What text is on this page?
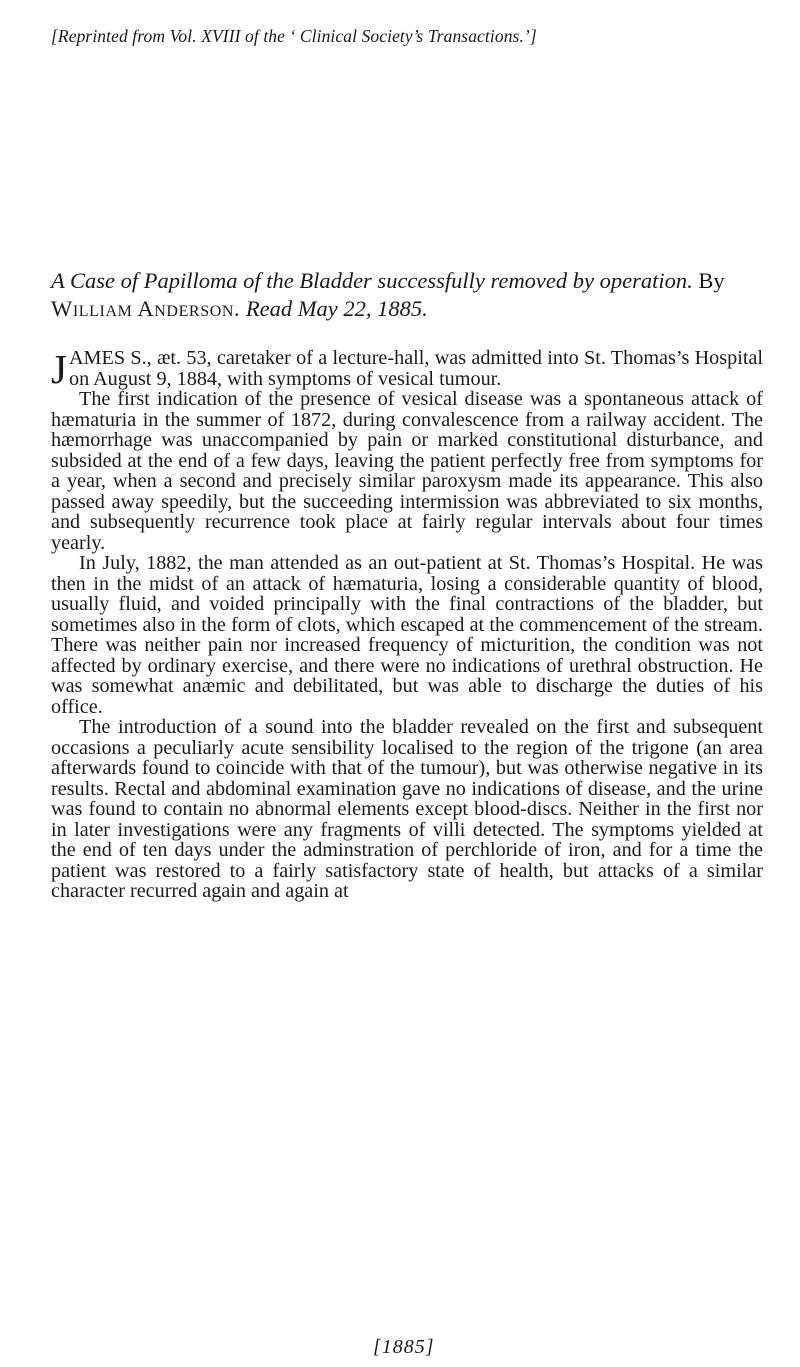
[Reprinted from Vol. XVIII of the ‘ Clinical Society’s Transactions.’]
A Case of Papilloma of the Bladder successfully removed by operation. By William Anderson. Read May 22, 1885.

JAMES S., æt. 53, caretaker of a lecture-hall, was admitted into St. Thomas’s Hospital on August 9, 1884, with symptoms of vesical tumour.

The first indication of the presence of vesical disease was a spontaneous attack of hæmaturia in the summer of 1872, during convalescence from a railway accident. The hæmorrhage was unaccompanied by pain or marked constitutional disturbance, and subsided at the end of a few days, leaving the patient perfectly free from symptoms for a year, when a second and precisely similar paroxysm made its appearance. This also passed away speedily, but the succeeding intermission was abbreviated to six months, and subsequently recurrence took place at fairly regular intervals about four times yearly.

In July, 1882, the man attended as an out-patient at St. Thomas’s Hospital. He was then in the midst of an attack of hæmaturia, losing a considerable quantity of blood, usually fluid, and voided principally with the final contractions of the bladder, but sometimes also in the form of clots, which escaped at the commencement of the stream. There was neither pain nor increased frequency of micturition, the condition was not affected by ordinary exercise, and there were no indications of urethral obstruction. He was somewhat anæmic and debilitated, but was able to discharge the duties of his office.

The introduction of a sound into the bladder revealed on the first and subsequent occasions a peculiarly acute sensibility localised to the region of the trigone (an area afterwards found to coincide with that of the tumour), but was otherwise negative in its results. Rectal and abdominal examination gave no indications of disease, and the urine was found to contain no abnormal elements except blood-discs. Neither in the first nor in later investigations were any fragments of villi detected. The symptoms yielded at the end of ten days under the adminstration of perchloride of iron, and for a time the patient was restored to a fairly satisfactory state of health, but attacks of a similar character recurred again and again at

[1885]
